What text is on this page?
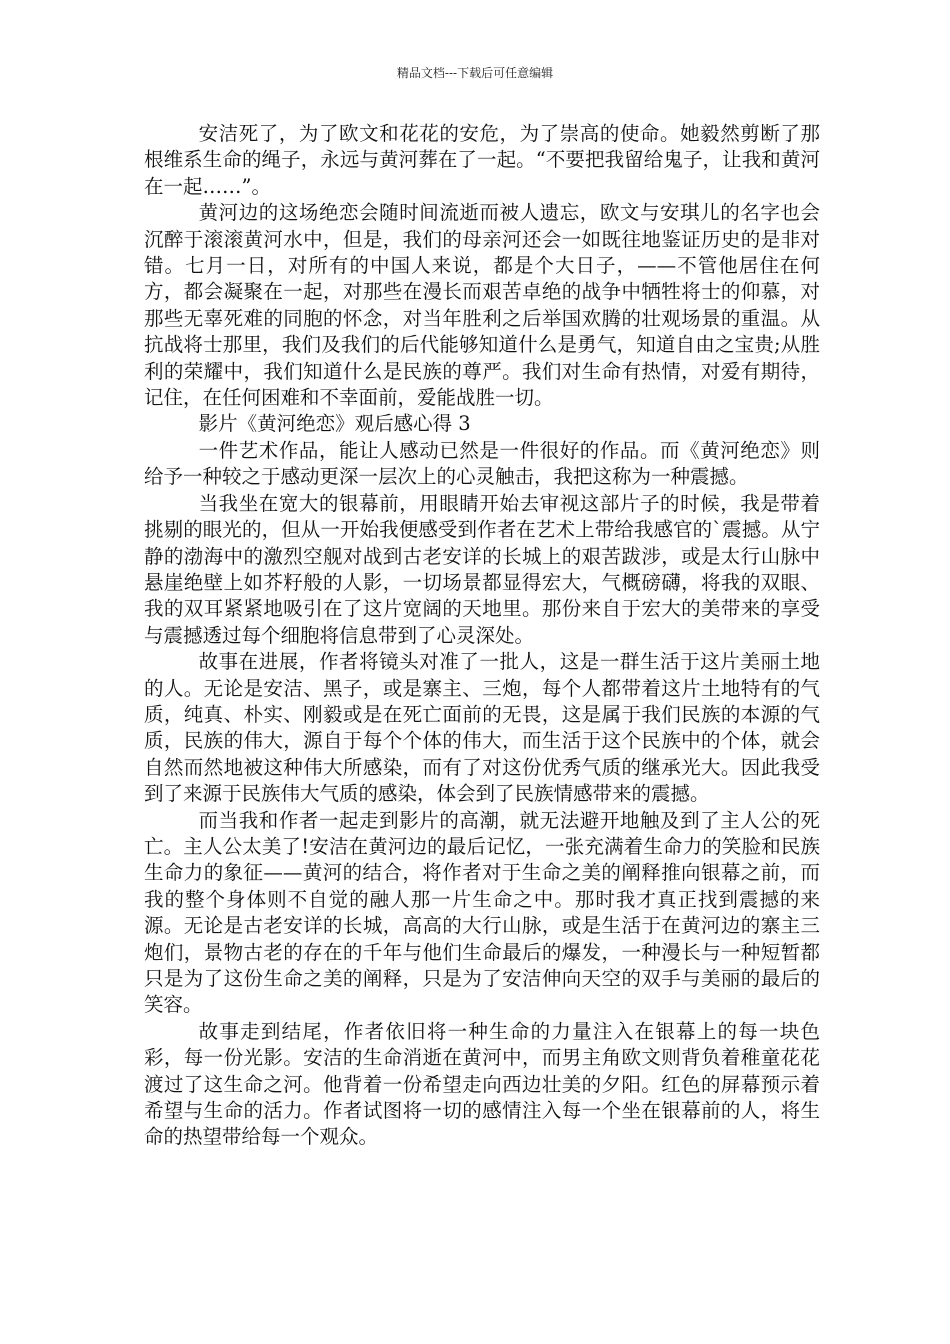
精品文档---下载后可任意编辑

安洁死了，为了欧文和花花的安危，为了崇高的使命。她毅然剪断了那根维系生命的绳子，永远与黄河葬在了一起。“不要把我留给鬼子，让我和黄河在一起……”。

黄河边的这场绝恋会随时间流逝而被人遗忘，欧文与安琪儿的名字也会沉醉于滚滚黄河水中，但是，我们的母亲河还会一如既往地鉴证历史的是非对错。七月一日，对所有的中国人来说，都是个大日子，——不管他居住在何方，都会凝聚在一起，对那些在漫长而艰苦卓绝的战争中牺牲将士的仰慕，对那些无辜死难的同胞的怀念，对当年胜利之后举国欢腾的壮观场景的重温。从抗战将士那里，我们及我们的后代能够知道什么是勇气，知道自由之宝贵;从胜利的荣耀中，我们知道什么是民族的尊严。我们对生命有热情，对爱有期待，记住，在任何困难和不幸面前，爱能战胜一切。

影片《黄河绝恋》观后感心得 3

一件艺术作品，能让人感动已然是一件很好的作品。而《黄河绝恋》则给予一种较之于感动更深一层次上的心灵触击，我把这称为一种震撼。

当我坐在宽大的银幕前，用眼睛开始去审视这部片子的时候，我是带着挑剔的眼光的，但从一开始我便感受到作者在艺术上带给我感官的`震撼。从宁静的渤海中的激烈空舰对战到古老安详的长城上的艰苦跋涉，或是太行山脉中悬崖绝壁上如芥籽般的人影，一切场景都显得宏大，气概磅礴，将我的双眼、我的双耳紧紧地吸引在了这片宽阔的天地里。那份来自于宏大的美带来的享受与震撼透过每个细胞将信息带到了心灵深处。

故事在进展，作者将镜头对准了一批人，这是一群生活于这片美丽土地的人。无论是安洁、黑子，或是寨主、三炮，每个人都带着这片土地特有的气质，纯真、朴实、刚毅或是在死亡面前的无畏，这是属于我们民族的本源的气质，民族的伟大，源自于每个个体的伟大，而生活于这个民族中的个体，就会自然而然地被这种伟大所感染，而有了对这份优秀气质的继承光大。因此我受到了来源于民族伟大气质的感染，体会到了民族情感带来的震撼。

而当我和作者一起走到影片的高潮，就无法避开地触及到了主人公的死亡。主人公太美了!安洁在黄河边的最后记忆，一张充满着生命力的笑脸和民族生命力的象征——黄河的结合，将作者对于生命之美的阐释推向银幕之前，而我的整个身体则不自觉的融人那一片生命之中。那时我才真正找到震撼的来源。无论是古老安详的长城，高高的大行山脉，或是生活于在黄河边的寨主三炮们，景物古老的存在的千年与他们生命最后的爆发，一种漫长与一种短暂都只是为了这份生命之美的阐释，只是为了安洁伸向天空的双手与美丽的最后的笑容。

故事走到结尾，作者依旧将一种生命的力量注入在银幕上的每一块色彩，每一份光影。安洁的生命消逝在黄河中，而男主角欧文则背负着稚童花花渡过了这生命之河。他背着一份希望走向西边壮美的夕阳。红色的屏幕预示着希望与生命的活力。作者试图将一切的感情注入每一个坐在银幕前的人，将生命的热望带给每一个观众。
